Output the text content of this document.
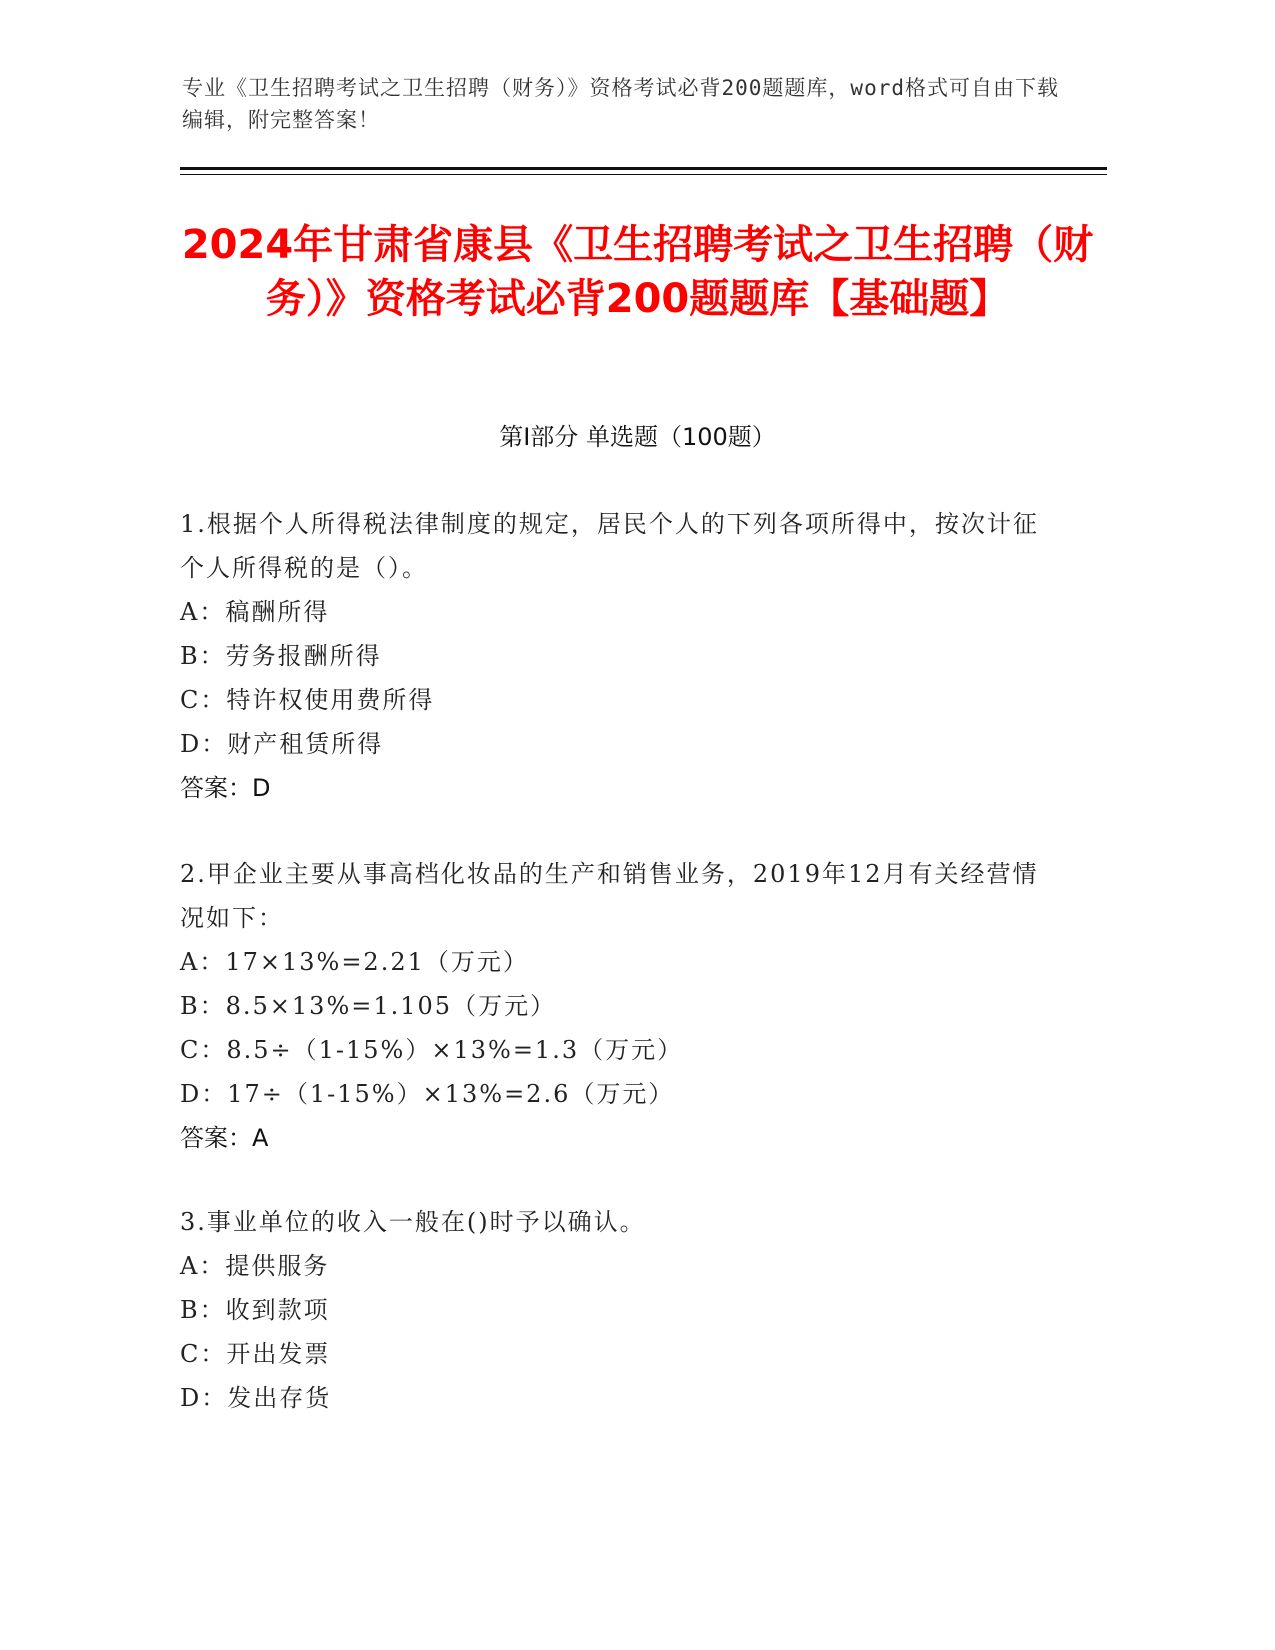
专业《卫生招聘考试之卫生招聘（财务）》资格考试必背200题题库，word格式可自由下载编辑，附完整答案！
2024年甘肃省康县《卫生招聘考试之卫生招聘（财务）》资格考试必背200题题库【基础题】
第Ⅰ部分 单选题（100题）
1.根据个人所得税法律制度的规定，居民个人的下列各项所得中，按次计征个人所得税的是（）。
A：稿酬所得
B：劳务报酬所得
C：特许权使用费所得
D：财产租赁所得
答案：D
2.甲企业主要从事高档化妆品的生产和销售业务，2019年12月有关经营情况如下：
A：17×13%=2.21（万元）
B：8.5×13%=1.105（万元）
C：8.5÷（1-15%）×13%=1.3（万元）
D：17÷（1-15%）×13%=2.6（万元）
答案：A
3.事业单位的收入一般在()时予以确认。
A：提供服务
B：收到款项
C：开出发票
D：发出存货
